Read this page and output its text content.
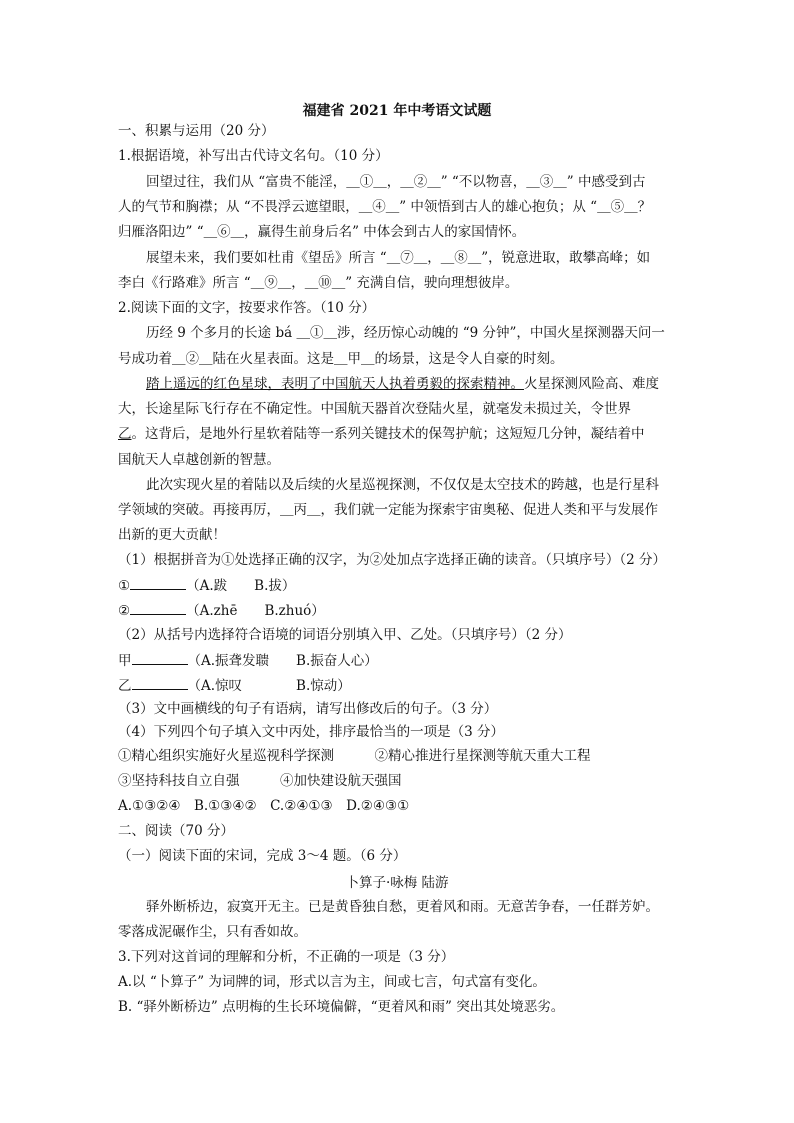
福建省 2021 年中考语文试题
一、积累与运用（20 分）
1.根据语境，补写出古代诗文名句。（10 分）
回望过往，我们从 “富贵不能淫，＿①＿，＿②＿” “不以物喜，＿③＿” 中感受到古
人的气节和胸襟；从 “不畏浮云遮望眼，＿④＿” 中领悟到古人的雄心抱负；从 “＿⑤＿？
归雁洛阳边” “＿⑥＿，赢得生前身后名” 中体会到古人的家国情怀。
展望未来，我们要如杜甫《望岳》所言 “＿⑦＿，＿⑧＿”，锐意进取，敢攀高峰；如
李白《行路难》所言 “＿⑨＿，＿⑩＿” 充满自信，驶向理想彼岸。
2.阅读下面的文字，按要求作答。（10 分）
历经 9 个多月的长途 bá ＿①＿涉，经历惊心动魄的 “9 分钟”，中国火星探测器天问一
号成功着＿②＿陆在火星表面。这是＿甲＿的场景，这是令人自豪的时刻。
踏上遥远的红色星球，表明了中国航天人执着勇毅的探索精神。火星探测风险高、难度
大，长途星际飞行存在不确定性。中国航天器首次登陆火星，就毫发未损过关，令世界
乙。这背后，是地外行星软着陆等一系列关键技术的保驾护航；这短短几分钟，凝结着中
国航天人卓越创新的智慧。
此次实现火星的着陆以及后续的火星巡视探测，不仅仅是太空技术的跨越，也是行星科
学领域的突破。再接再厉，＿丙＿，我们就一定能为探索宇宙奥秘、促进人类和平与发展作
出新的更大贡献！
（1）根据拼音为①处选择正确的汉字，为②处加点字选择正确的读音。（只填序号）（2 分）
①	（A.跋　　B.拔）
②	（A.zhē　　B.zhuó）
（2）从括号内选择符合语境的词语分别填入甲、乙处。（只填序号）（2 分）
甲	（A.振聋发聩　　B.振奋人心）
乙	（A.惊叹　　　　B.惊动）
（3）文中画横线的句子有语病，请写出修改后的句子。（3 分）
（4）下列四个句子填入文中丙处，排序最恰当的一项是（3 分）
①精心组织实施好火星巡视科学探测　　　②精心推进行星探测等航天重大工程
③坚持科技自立自强　　　④加快建设航天强国
A.①③②④　B.①③④②　C.②④①③　D.②④③①
二、阅读（70 分）
（一）阅读下面的宋词，完成 3～4 题。（6 分）
卜算子·咏梅 陆游
驿外断桥边，寂寞开无主。已是黄昏独自愁，更着风和雨。无意苦争春，一任群芳妒。
零落成泥碾作尘，只有香如故。
3.下列对这首词的理解和分析，不正确的一项是（3 分）
A.以 “卜算子” 为词牌的词，形式以言为主，间或七言，句式富有变化。
B. “驿外断桥边” 点明梅的生长环境偏僻，“更着风和雨” 突出其处境恶劣。
